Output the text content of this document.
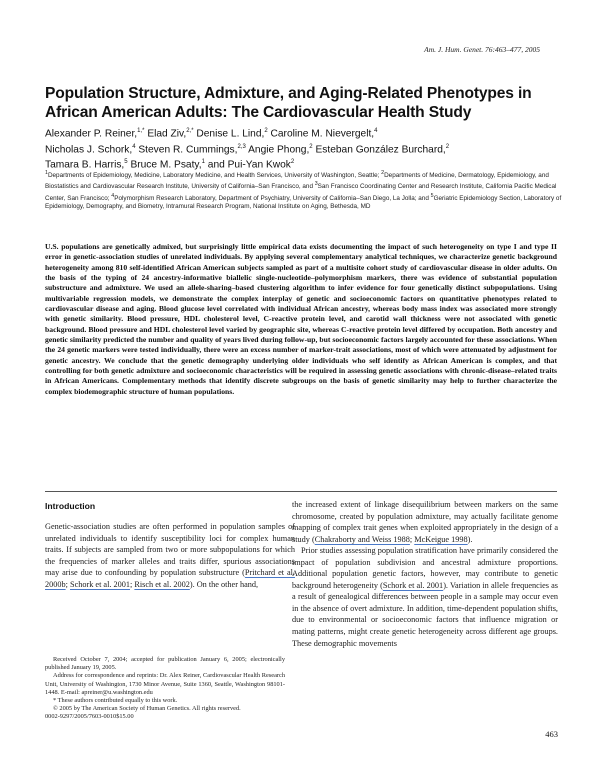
Am. J. Hum. Genet. 76:463–477, 2005
Population Structure, Admixture, and Aging-Related Phenotypes in African American Adults: The Cardiovascular Health Study
Alexander P. Reiner,$^{1,*}$ Elad Ziv,$^{2,*}$ Denise L. Lind,$^2$ Caroline M. Nievergelt,$^4$
Nicholas J. Schork,$^4$ Steven R. Cummings,$^{2,3}$ Angie Phong,$^2$ Esteban González Burchard,$^2$
Tamara B. Harris,$^5$ Bruce M. Psaty,$^1$ and Pui-Yan Kwok$^2$
$^1$Departments of Epidemiology, Medicine, Laboratory Medicine, and Health Services, University of Washington, Seattle; $^2$Departments of Medicine, Dermatology, Epidemiology, and Biostatistics and Cardiovascular Research Institute, University of California–San Francisco, and $^3$San Francisco Coordinating Center and Research Institute, California Pacific Medical Center, San Francisco; $^4$Polymorphism Research Laboratory, Department of Psychiatry, University of California–San Diego, La Jolla; and $^5$Geriatric Epidemiology Section, Laboratory of Epidemiology, Demography, and Biometry, Intramural Research Program, National Institute on Aging, Bethesda, MD

U.S. populations are genetically admixed, but surprisingly little empirical data exists documenting the impact of such heterogeneity on type I and type II error in genetic-association studies of unrelated individuals. By applying several complementary analytical techniques, we characterize genetic background heterogeneity among 810 self-identified African American subjects sampled as part of a multisite cohort study of cardiovascular disease in older adults. On the basis of the typing of 24 ancestry-informative biallelic single-nucleotide–polymorphism markers, there was evidence of substantial population substructure and admixture. We used an allele-sharing–based clustering algorithm to infer evidence for four genetically distinct subpopulations. Using multivariable regression models, we demonstrate the complex interplay of genetic and socioeconomic factors on quantitative phenotypes related to cardiovascular disease and aging. Blood glucose level correlated with individual African ancestry, whereas body mass index was associated more strongly with genetic similarity. Blood pressure, HDL cholesterol level, C-reactive protein level, and carotid wall thickness were not associated with genetic background. Blood pressure and HDL cholesterol level varied by geographic site, whereas C-reactive protein level differed by occupation. Both ancestry and genetic similarity predicted the number and quality of years lived during follow-up, but socioeconomic factors largely accounted for these associations. When the 24 genetic markers were tested individually, there were an excess number of marker-trait associations, most of which were attenuated by adjustment for genetic ancestry. We conclude that the genetic demography underlying older individuals who self identify as African American is complex, and that controlling for both genetic admixture and socioeconomic characteristics will be required in assessing genetic associations with chronic-disease–related traits in African Americans. Complementary methods that identify discrete subgroups on the basis of genetic similarity may help to further characterize the complex biodemographic structure of human populations.

Introduction

Genetic-association studies are often performed in population samples of unrelated individuals to identify susceptibility loci for complex human traits. If subjects are sampled from two or more subpopulations for which the frequencies of marker alleles and traits differ, spurious associations may arise due to confounding by population substructure (Pritchard et al. 2000b; Schork et al. 2001; Risch et al. 2002). On the other hand,

the increased extent of linkage disequilibrium between markers on the same chromosome, created by population admixture, may actually facilitate genome mapping of complex trait genes when exploited appropriately in the design of a study (Chakraborty and Weiss 1988; McKeigue 1998).

Prior studies assessing population stratification have primarily considered the impact of population subdivision and ancestral admixture proportions. Additional population genetic factors, however, may contribute to genetic background heterogeneity (Schork et al. 2001). Variation in allele frequencies as a result of genealogical differences between people in a sample may occur even in the absence of overt admixture. In addition, time-dependent population shifts, due to environmental or socioeconomic factors that influence migration or mating patterns, might create genetic heterogeneity across different age groups. These demographic movements

Received October 7, 2004; accepted for publication January 6, 2005; electronically published January 19, 2005.

Address for correspondence and reprints: Dr. Alex Reiner, Cardiovascular Health Research Unit, University of Washington, 1730 Minor Avenue, Suite 1360, Seattle, Washington 98101-1448. E-mail: apreiner@u.washington.edu

* These authors contributed equally to this work.

© 2005 by The American Society of Human Genetics. All rights reserved.

0002-9297/2005/7603-0010$15.00

463
